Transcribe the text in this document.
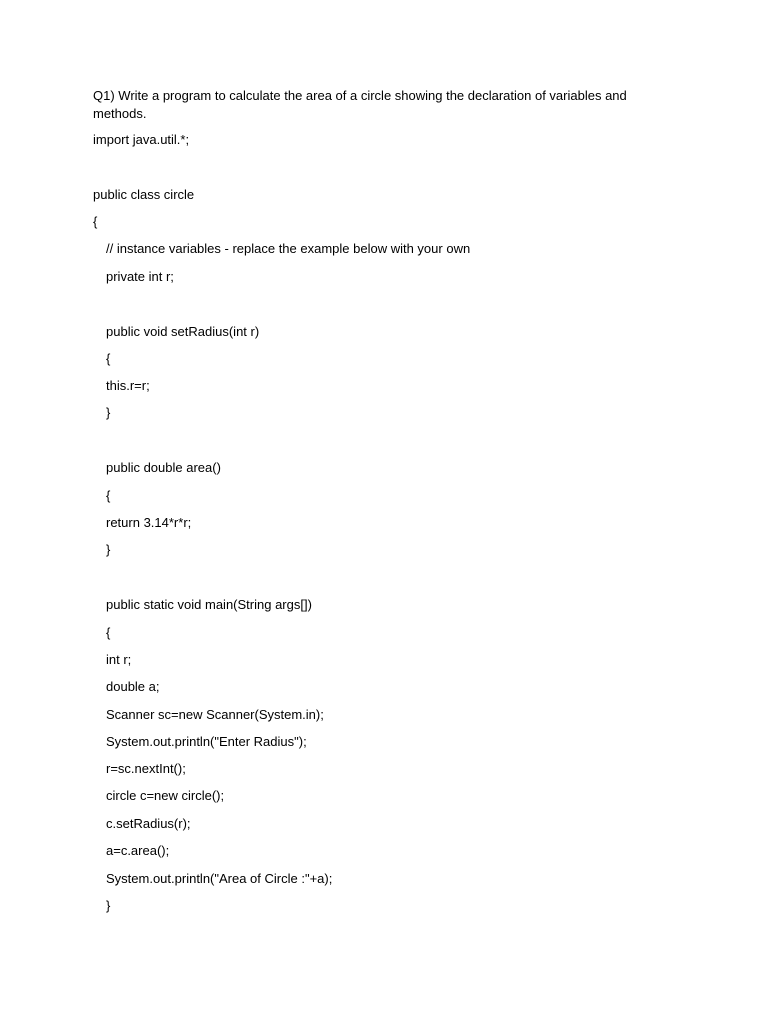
Q1) Write a program to calculate the area of a circle showing the declaration of variables and methods.

import java.util.*;
public class circle
{
// instance variables - replace the example below with your own
private int r;
public void setRadius(int r)
{
this.r=r;
}
public double area()
{
return 3.14*r*r;
}
public static void main(String args[])
{
int r;
double a;
Scanner sc=new Scanner(System.in);
System.out.println("Enter Radius");
r=sc.nextInt();
circle c=new circle();
c.setRadius(r);
a=c.area();
System.out.println("Area of Circle :"+a);
}
